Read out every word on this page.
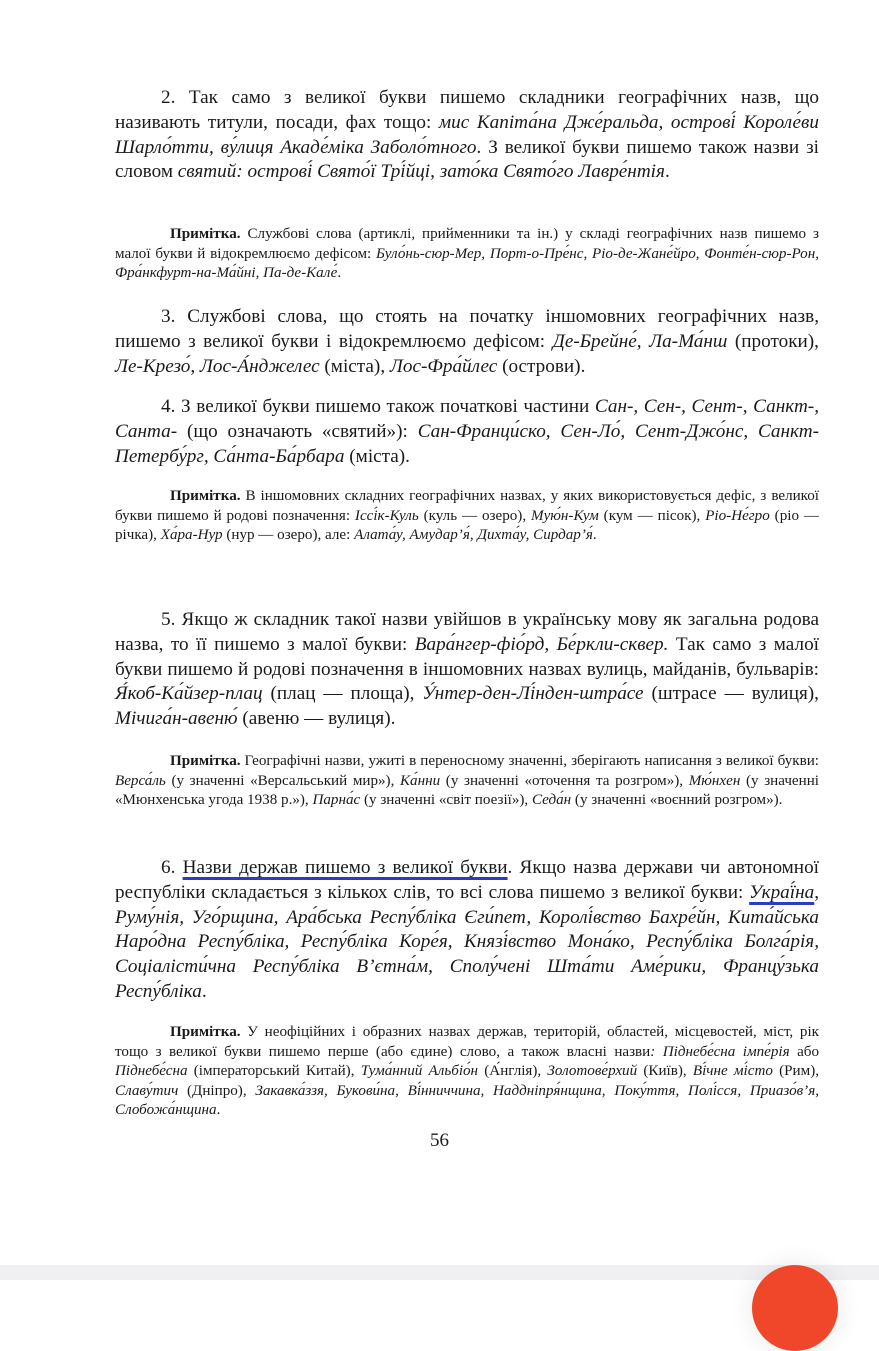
2. Так само з великої букви пишемо складники географічних назв, що називають титули, посади, фах тощо: мис Капіта́на Дже́ральда, острові́ Короле́ви Шарло́тти, ву́лиця Акаде́міка Заболо́тного. З великої букви пишемо також назви зі словом святий: острові́ Свято́ї Трі́йці, зато́ка Свято́го Лавре́нтія.

Примітка. Службові слова (артиклі, прийменники та ін.) у складі географічних назв пишемо з малої букви й відокремлюємо дефісом: Було́нь-сюр-Мер, Порт-о-Пре́нс, Ріо-де-Жане́йро, Фонте́н-сюр-Рон, Фра́нкфурт-на-Ма́йні, Па-де-Кале́.

3. Службові слова, що стоять на початку іншомовних географічних назв, пишемо з великої букви і відокремлюємо дефісом: Де-Брейне́, Ла-Ма́нш (протоки), Ле-Крезо́, Лос-А́нджелес (міста), Лос-Фра́йлес (острови).

4. З великої букви пишемо також початкові частини Сан-, Сен-, Сент-, Санкт-, Санта- (що означають «святий»): Сан-Франци́ско, Сен-Ло́, Сент-Джо́нс, Санкт-Петербу́рг, Са́нта-Ба́рбара (міста).

Примітка. В іншомовних складних географічних назвах, у яких використовується дефіс, з великої букви пишемо й родові позначення: Іссі́к-Куль (куль — озеро), Мую́н-Кум (кум — пісок), Ріо-Не́гро (ріо — річка), Ха́ра-Нур (нур — озеро), але: Алата́у, Амудар’я́, Дихта́у, Сирдар’я́.

5. Якщо ж складник такої назви увійшов в українську мову як загальна родова назва, то її пишемо з малої букви: Вара́нгер-фіо́рд, Бе́ркли-сквер. Так само з малої букви пишемо й родові позначення в іншомовних назвах вулиць, майданів, бульварів: Я́коб-Ка́йзер-плац (плац — площа), У́нтер-ден-Лі́нден-штра́се (штрасе — вулиця), Мічига́н-авеню́ (авеню — вулиця).

Примітка. Географічні назви, ужиті в переносному значенні, зберігають написання з великої букви: Верса́ль (у значенні «Версальський мир»), Ка́нни (у значенні «оточення та розгром»), Мю́нхен (у значенні «Мюнхенська угода 1938 р.»), Парна́с (у значенні «світ поезії»), Седа́н (у значенні «воєнний розгром»).

6. Назви держав пишемо з великої букви. Якщо назва держави чи автономної республіки складається з кількох слів, то всі слова пишемо з великої букви: Украї́на, Руму́нія, Уго́рщина, Ара́бська Респу́бліка Єги́пет, Королі́вство Бахре́йн, Кита́йська Наро́дна Респу́бліка, Респу́бліка Коре́я, Князі́вство Мона́ко, Респу́бліка Болга́рія, Соціалісти́чна Респу́бліка В’єтна́м, Сполу́чені Шта́ти Аме́рики, Францу́зька Респу́бліка.

Примітка. У неофіційних і образних назвах держав, територій, областей, місцевостей, міст, рік тощо з великої букви пишемо перше (або єдине) слово, а також власні назви: Піднебе́сна імпе́рія або Піднебе́сна (імператорський Китай), Тума́нний Альбіо́н (А́нглія), Золотове́рхий (Київ), Ві́чне мі́сто (Рим), Славу́тич (Дніпро), Закавка́ззя, Букови́на, Ві́нниччина, Наддніпря́нщина, Поку́ття, Полі́сся, Приазо́в’я, Слобожа́нщина.

56
